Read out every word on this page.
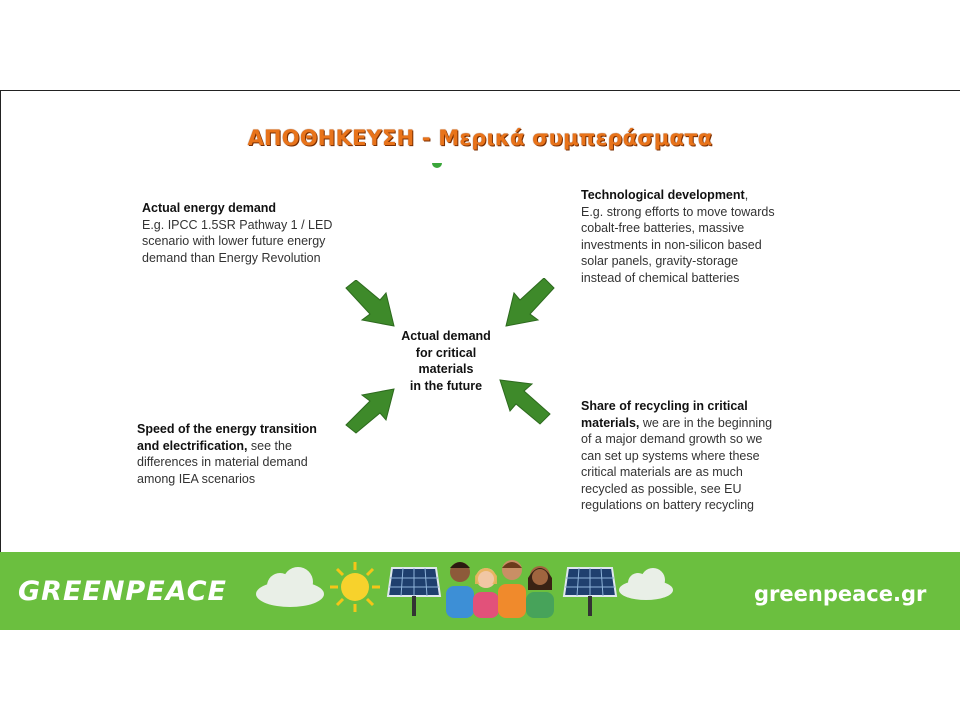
ΑΠΟΘΗΚΕΥΣΗ - Μερικά συμπεράσματα
Actual energy demand
E.g. IPCC 1.5SR Pathway 1 / LED
scenario with lower future energy
demand than Energy Revolution
Technological development,
E.g. strong efforts to move towards
cobalt-free batteries, massive
investments in non-silicon based
solar panels, gravity-storage
instead of chemical batteries
Speed of the energy transition
and electrification, see the
differences in material demand
among IEA scenarios
Share of recycling in critical
materials, we are in the beginning
of a major demand growth so we
can set up systems where these
critical materials are as much
recycled as possible, see EU
regulations on battery recycling
Actual demand
for critical
materials
in the future
GREENPEACE	greenpeace.gr
